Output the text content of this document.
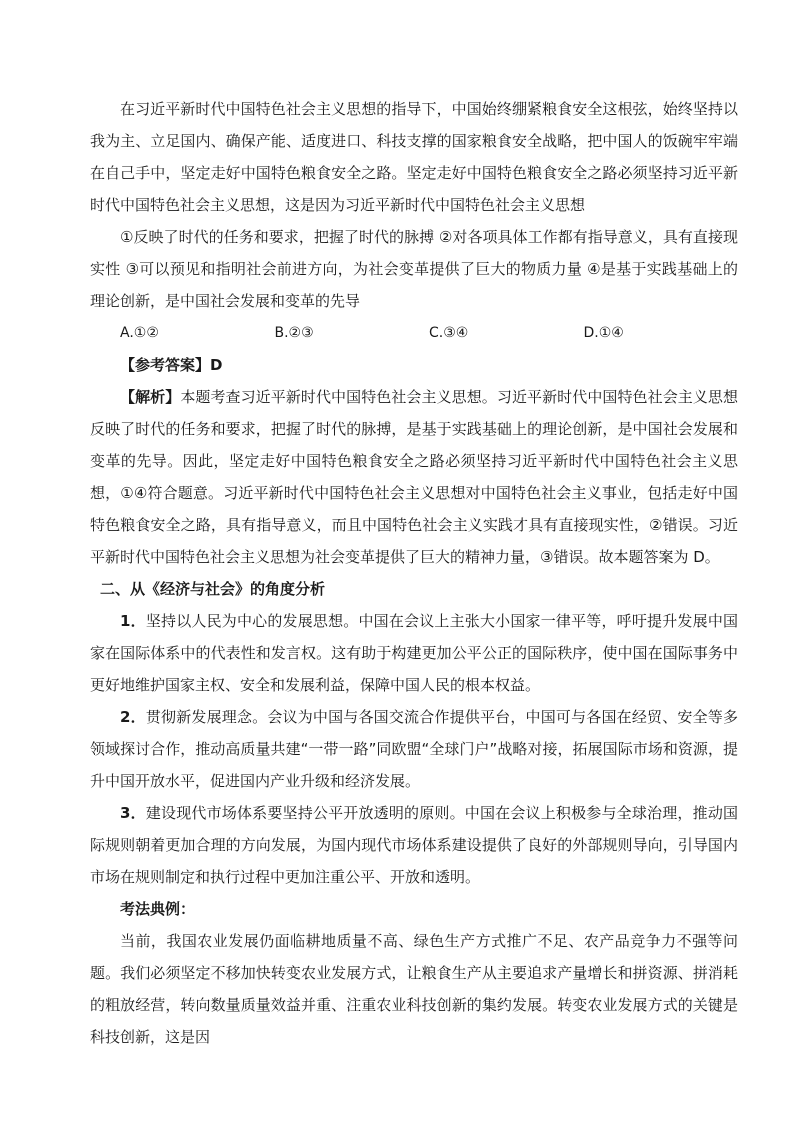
在习近平新时代中国特色社会主义思想的指导下，中国始终绷紧粮食安全这根弦，始终坚持以我为主、立足国内、确保产能、适度进口、科技支撑的国家粮食安全战略，把中国人的饭碗牢牢端在自己手中，坚定走好中国特色粮食安全之路。坚定走好中国特色粮食安全之路必须坚持习近平新时代中国特色社会主义思想，这是因为习近平新时代中国特色社会主义思想

①反映了时代的任务和要求，把握了时代的脉搏 ②对各项具体工作都有指导意义，具有直接现实性 ③可以预见和指明社会前进方向，为社会变革提供了巨大的物质力量 ④是基于实践基础上的理论创新，是中国社会发展和变革的先导

A.①②	B.②③	C.③④	D.①④

【参考答案】D

【解析】本题考查习近平新时代中国特色社会主义思想。习近平新时代中国特色社会主义思想反映了时代的任务和要求，把握了时代的脉搏，是基于实践基础上的理论创新，是中国社会发展和变革的先导。因此，坚定走好中国特色粮食安全之路必须坚持习近平新时代中国特色社会主义思想，①④符合题意。习近平新时代中国特色社会主义思想对中国特色社会主义事业，包括走好中国特色粮食安全之路，具有指导意义，而且中国特色社会主义实践才具有直接现实性，②错误。习近平新时代中国特色社会主义思想为社会变革提供了巨大的精神力量，③错误。故本题答案为 D。

二、从《经济与社会》的角度分析

1．坚持以人民为中心的发展思想。中国在会议上主张大小国家一律平等，呼吁提升发展中国家在国际体系中的代表性和发言权。这有助于构建更加公平公正的国际秩序，使中国在国际事务中更好地维护国家主权、安全和发展利益，保障中国人民的根本权益。

2．贯彻新发展理念。会议为中国与各国交流合作提供平台，中国可与各国在经贸、安全等多领域探讨合作，推动高质量共建“一带一路”同欧盟“全球门户”战略对接，拓展国际市场和资源，提升中国开放水平，促进国内产业升级和经济发展。

3．建设现代市场体系要坚持公平开放透明的原则。中国在会议上积极参与全球治理，推动国际规则朝着更加合理的方向发展，为国内现代市场体系建设提供了良好的外部规则导向，引导国内市场在规则制定和执行过程中更加注重公平、开放和透明。

考法典例：

当前，我国农业发展仍面临耕地质量不高、绿色生产方式推广不足、农产品竞争力不强等问题。我们必须坚定不移加快转变农业发展方式，让粮食生产从主要追求产量增长和拼资源、拼消耗的粗放经营，转向数量质量效益并重、注重农业科技创新的集约发展。转变农业发展方式的关键是科技创新，这是因
